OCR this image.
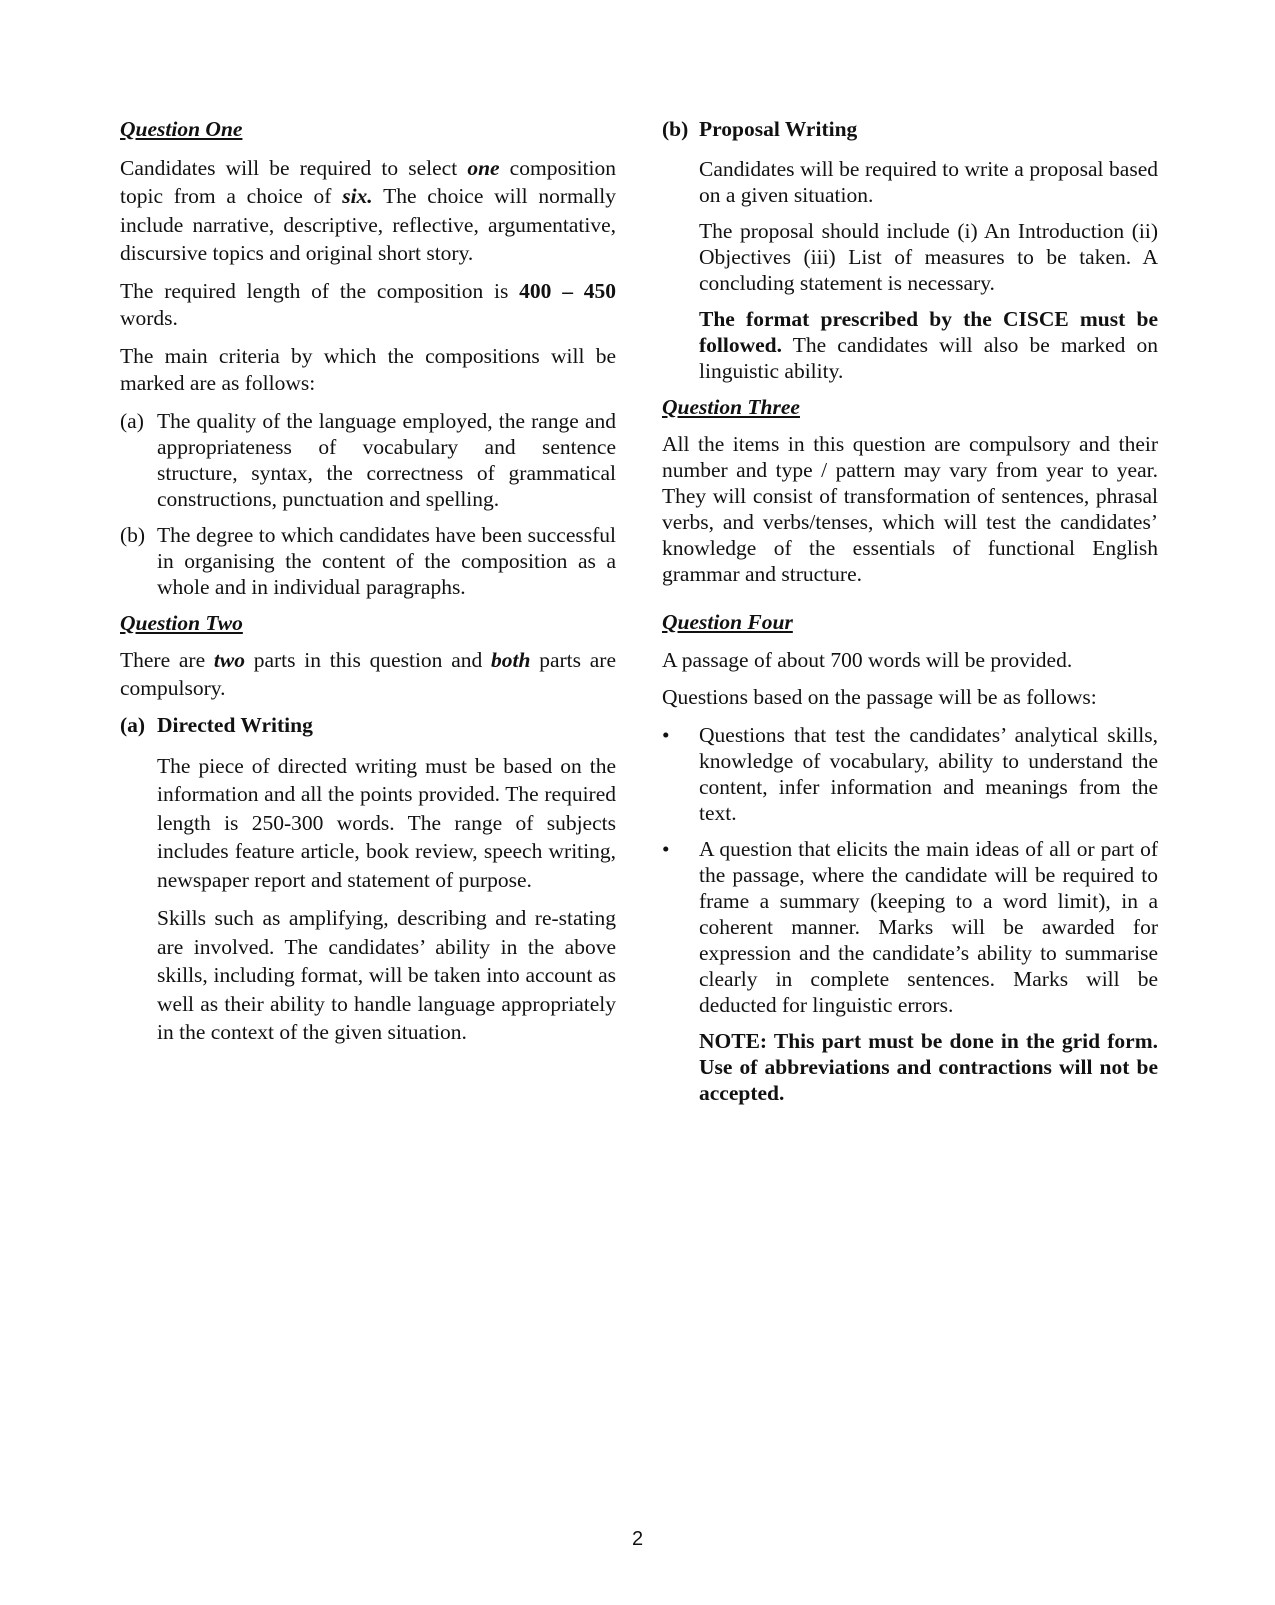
Question One

Candidates will be required to select one composition topic from a choice of six. The choice will normally include narrative, descriptive, reflective, argumentative, discursive topics and original short story.

The required length of the composition is 400 – 450 words.

The main criteria by which the compositions will be marked are as follows:

(a) The quality of the language employed, the range and appropriateness of vocabulary and sentence structure, syntax, the correctness of grammatical constructions, punctuation and spelling.
(b) The degree to which candidates have been successful in organising the content of the composition as a whole and in individual paragraphs.
Question Two

There are two parts in this question and both parts are compulsory.

(a) Directed Writing

The piece of directed writing must be based on the information and all the points provided. The required length is 250-300 words. The range of subjects includes feature article, book review, speech writing, newspaper report and statement of purpose.

Skills such as amplifying, describing and re-stating are involved. The candidates’ ability in the above skills, including format, will be taken into account as well as their ability to handle language appropriately in the context of the given situation.

(b) Proposal Writing

Candidates will be required to write a proposal based on a given situation.

The proposal should include (i) An Introduction (ii) Objectives (iii) List of measures to be taken. A concluding statement is necessary.

The format prescribed by the CISCE must be followed. The candidates will also be marked on linguistic ability.

Question Three

All the items in this question are compulsory and their number and type / pattern may vary from year to year. They will consist of transformation of sentences, phrasal verbs, and verbs/tenses, which will test the candidates’ knowledge of the essentials of functional English grammar and structure.

Question Four

A passage of about 700 words will be provided.

Questions based on the passage will be as follows:

•	Questions that test the candidates’ analytical skills, knowledge of vocabulary, ability to understand the content, infer information and meanings from the text.
•	A question that elicits the main ideas of all or part of the passage, where the candidate will be required to frame a summary (keeping to a word limit), in a coherent manner. Marks will be awarded for expression and the candidate’s ability to summarise clearly in complete sentences. Marks will be deducted for linguistic errors.

NOTE: This part must be done in the grid form. Use of abbreviations and contractions will not be accepted.

2
